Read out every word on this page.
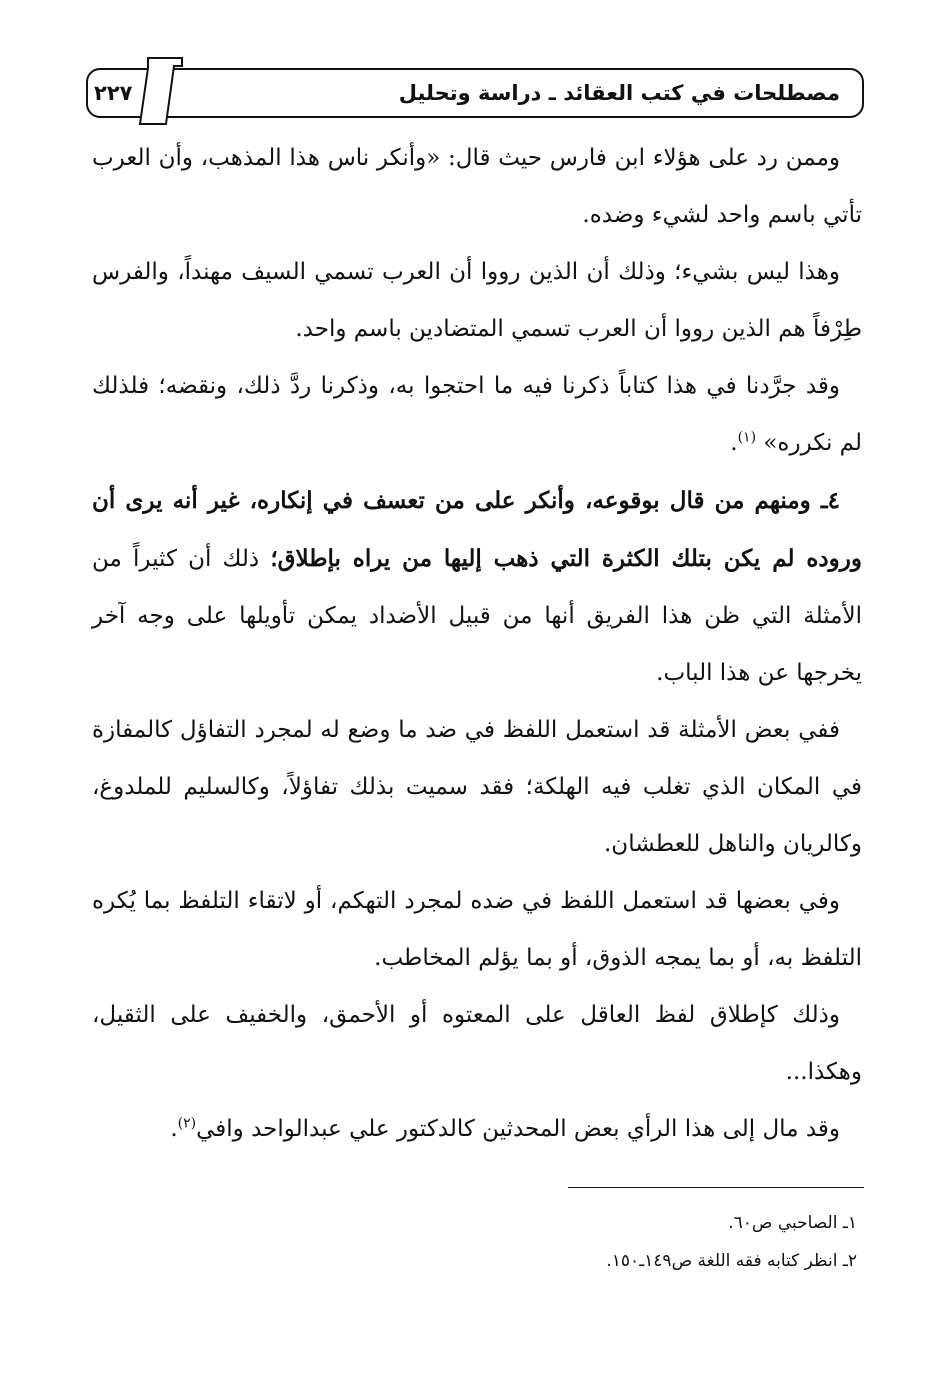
مصطلحات في كتب العقائد ـ دراسة وتحليل
٢٢٧

وممن رد على هؤلاء ابن فارس حيث قال: «وأنكر ناس هذا المذهب، وأن العرب تأتي باسم واحد لشيء وضده.

وهذا ليس بشيء؛ وذلك أن الذين رووا أن العرب تسمي السيف مهنداً، والفرس طِرْفاً هم الذين رووا أن العرب تسمي المتضادين باسم واحد.

وقد جرَّدنا في هذا كتاباً ذكرنا فيه ما احتجوا به، وذكرنا ردَّ ذلك، ونقضه؛ فلذلك لم نكرره» $^{(١)}$.

٤ـ ومنهم من قال بوقوعه، وأنكر على من تعسف في إنكاره، غير أنه يرى أن وروده لم يكن بتلك الكثرة التي ذهب إليها من يراه بإطلاق؛ ذلك أن كثيراً من الأمثلة التي ظن هذا الفريق أنها من قبيل الأضداد يمكن تأويلها على وجه آخر يخرجها عن هذا الباب.

ففي بعض الأمثلة قد استعمل اللفظ في ضد ما وضع له لمجرد التفاؤل كالمفازة في المكان الذي تغلب فيه الهلكة؛ فقد سميت بذلك تفاؤلاً، وكالسليم للملدوغ، وكالريان والناهل للعطشان.

وفي بعضها قد استعمل اللفظ في ضده لمجرد التهكم، أو لاتقاء التلفظ بما يُكره التلفظ به، أو بما يمجه الذوق، أو بما يؤلم المخاطب.

وذلك كإطلاق لفظ العاقل على المعتوه أو الأحمق، والخفيف على الثقيل، وهكذا...

وقد مال إلى هذا الرأي بعض المحدثين كالدكتور علي عبدالواحد وافي$^{(٢)}$.

١ـ الصاحبي ص٦٠.

٢ـ انظر كتابه فقه اللغة ص١٤٩ـ١٥٠.
